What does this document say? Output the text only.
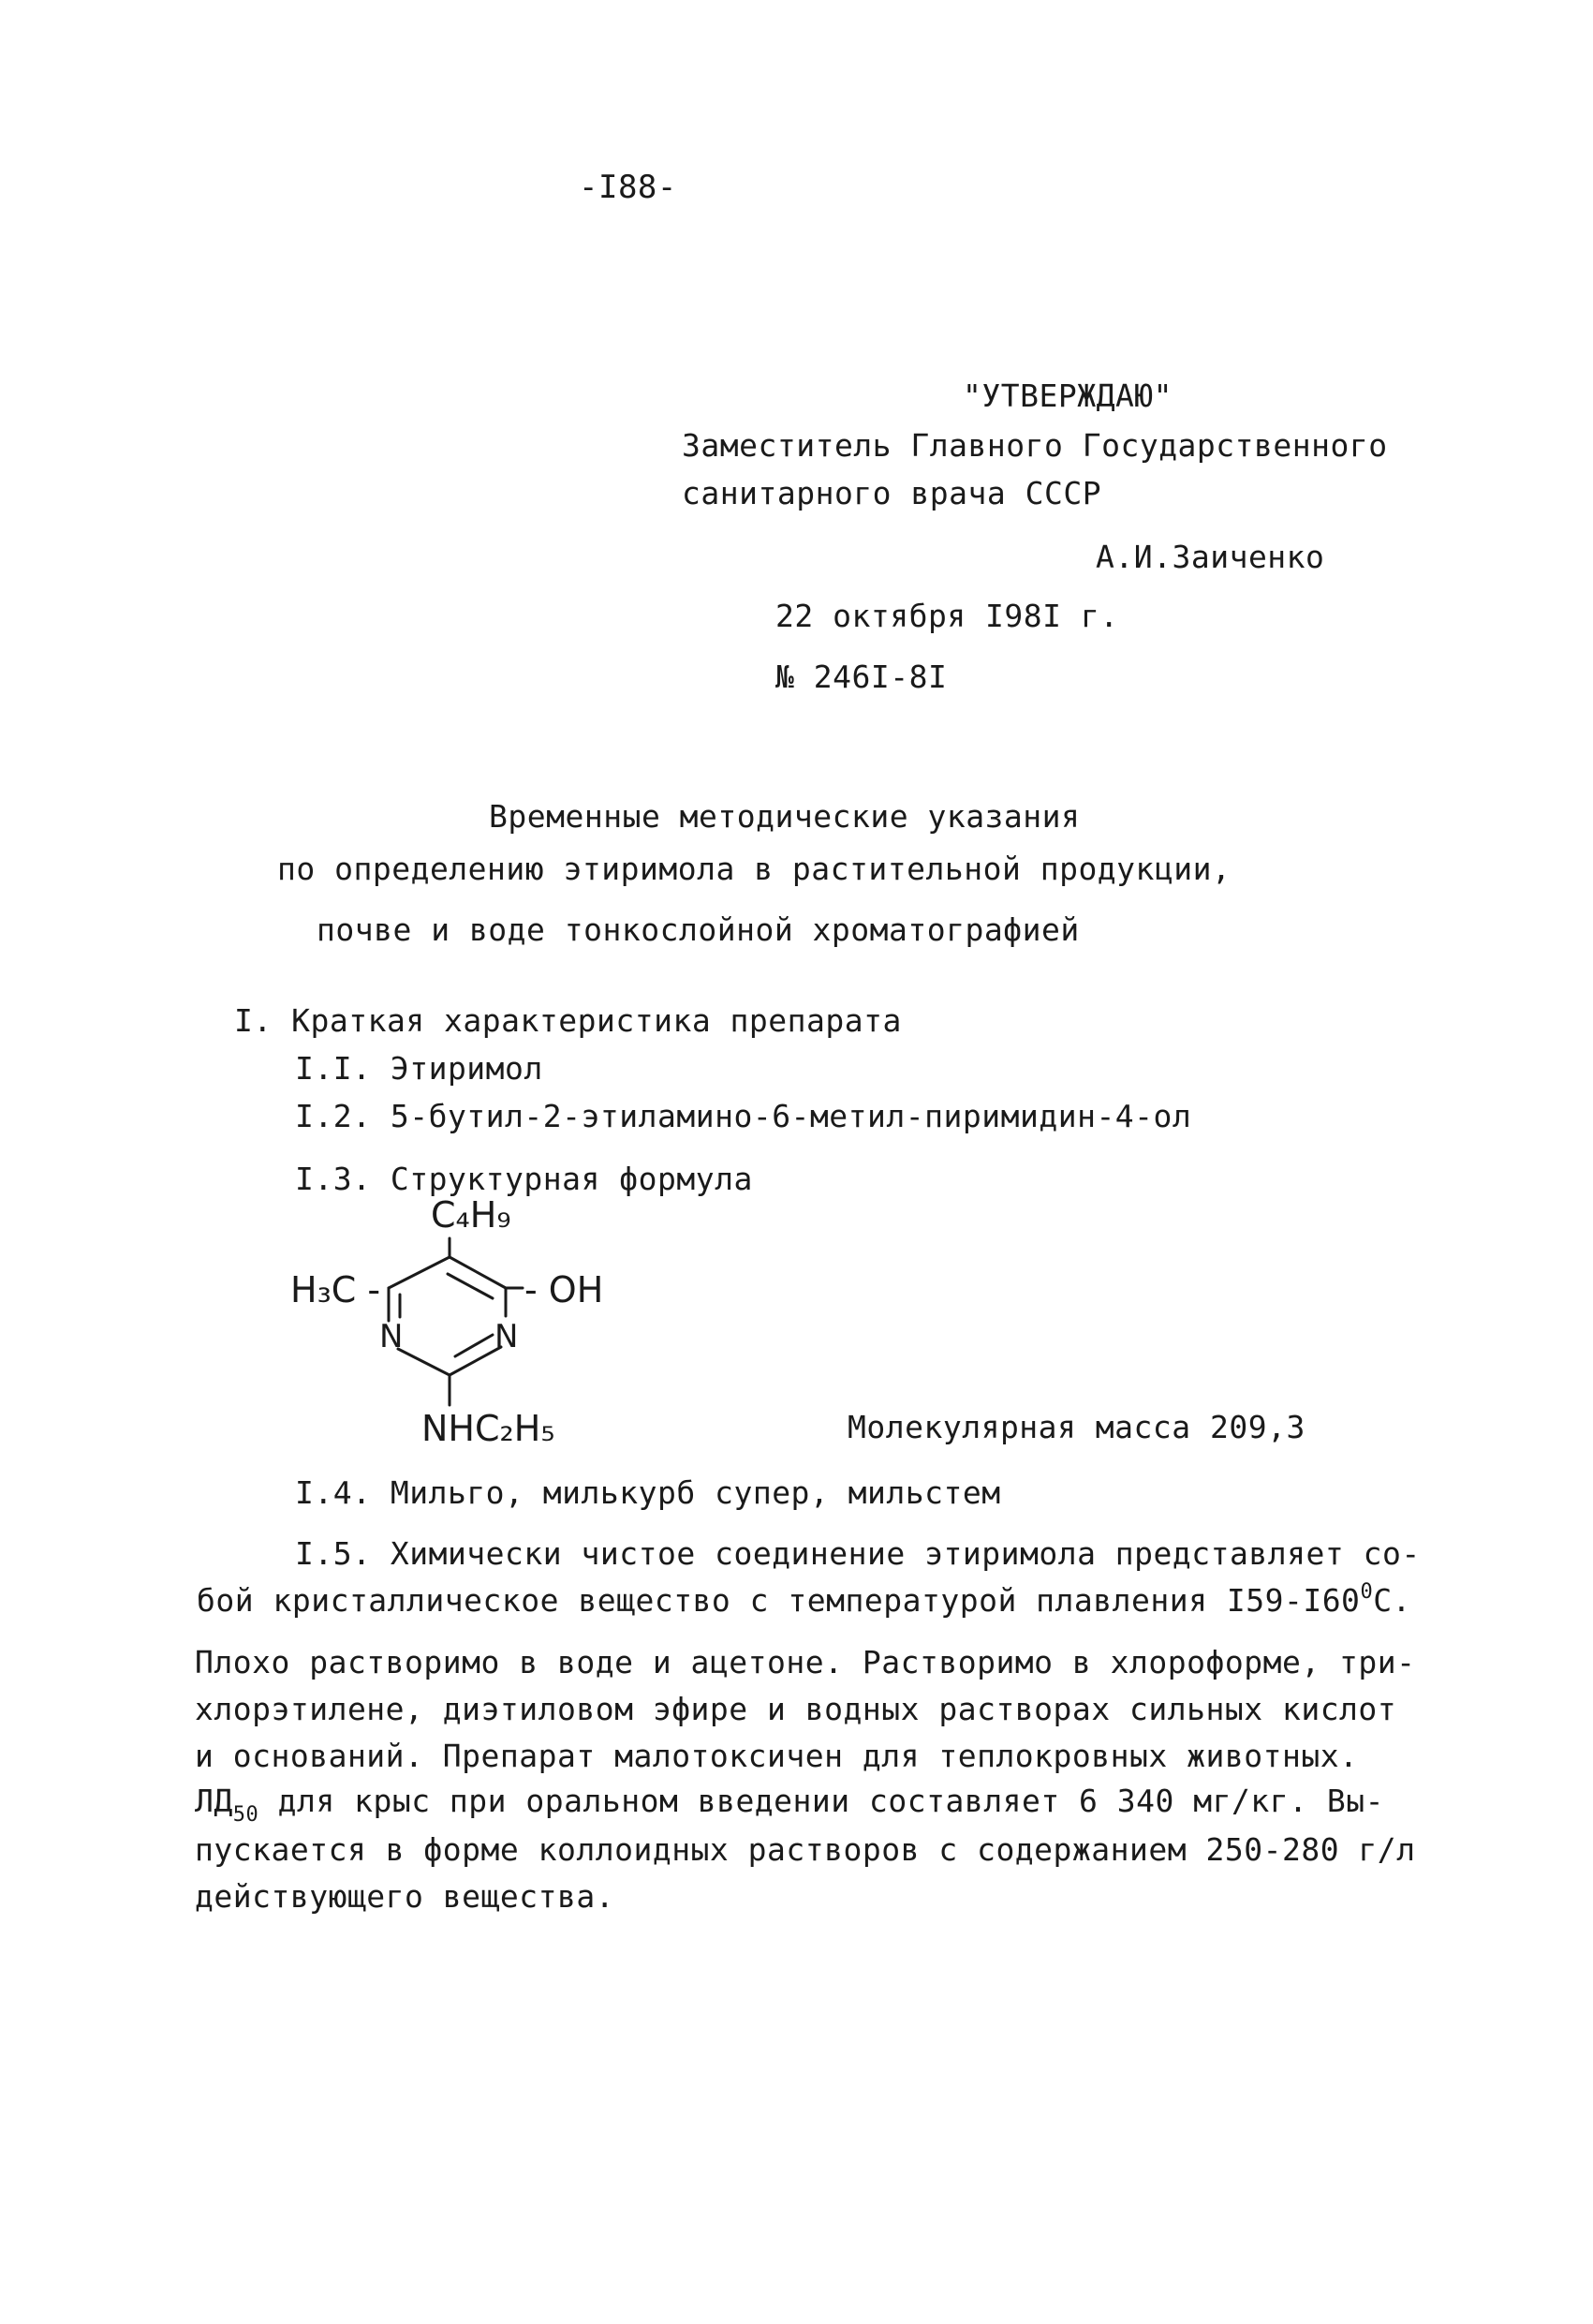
-I88-
"УТВЕРЖДАЮ"
Заместитель Главного Государственного
санитарного врача СССР
А.И.Заиченко
22 октября I98I г.
№ 246I-8I
Временные методические указания
по определению этиримола в растительной продукции,
почве и воде тонкослойной хроматографией
I. Краткая характеристика препарата
I.I. Этиримол
I.2. 5-бутил-2-этиламино-6-метил-пиримидин-4-ол
I.3. Структурная формула
C₄H₉
H₃C -	- OH
N	N
NHC₂H₅	Молекулярная масса 209,3
I.4. Мильго, милькурб супер, мильстем
I.5. Химически чистое соединение этиримола представляет со-
бой кристаллическое вещество с температурой плавления $I59-I60^0С$.
Плохо растворимо в воде и ацетоне. Растворимо в хлороформе, три-
хлорэтилене, диэтиловом эфире и водных растворах сильных кислот
и оснований. Препарат малотоксичен для теплокровных животных.
$ЛД_{50}$ для крыс при оральном введении составляет 6 340 мг/кг. Вы-
пускается в форме коллоидных растворов с содержанием 250-280 г/л
действующего вещества.
